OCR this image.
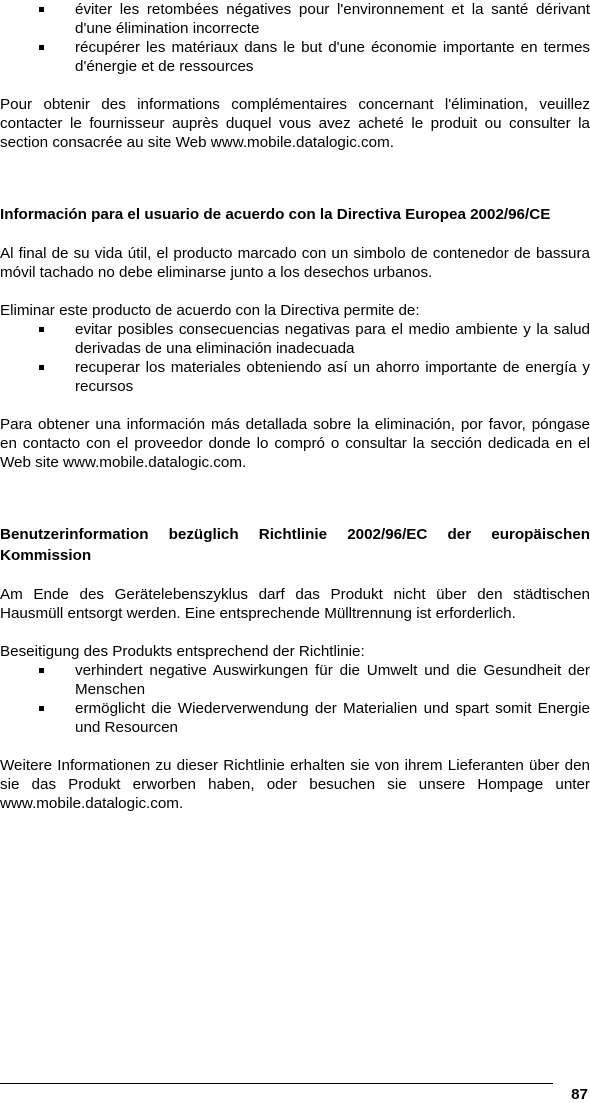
éviter les retombées négatives pour l'environnement et la santé dérivant d'une élimination incorrecte
récupérer les matériaux dans le but d'une économie importante en termes d'énergie et de ressources

Pour obtenir des informations complémentaires concernant l'élimination, veuillez contacter le fournisseur auprès duquel vous avez acheté le produit ou consulter la section consacrée au site Web www.mobile.datalogic.com.

Información para el usuario de acuerdo con la Directiva Europea 2002/96/CE

Al final de su vida útil, el producto marcado con un simbolo de contenedor de bassura móvil tachado no debe eliminarse junto a los desechos urbanos.

Eliminar este producto de acuerdo con la Directiva permite de:

evitar posibles consecuencias negativas para el medio ambiente y la salud derivadas de una eliminación inadecuada
recuperar los materiales obteniendo así un ahorro importante de energía y recursos

Para obtener una información más detallada sobre la eliminación, por favor, póngase en contacto con el proveedor donde lo compró o consultar la sección dedicada en el Web site www.mobile.datalogic.com.

Benutzerinformation bezüglich Richtlinie 2002/96/EC der europäischen Kommission

Am Ende des Gerätelebenszyklus darf das Produkt nicht über den städtischen Hausmüll entsorgt werden. Eine entsprechende Mülltrennung ist erforderlich.

Beseitigung des Produkts entsprechend der Richtlinie:

verhindert negative Auswirkungen für die Umwelt und die Gesundheit der Menschen
ermöglicht die Wiederverwendung der Materialien und spart somit Energie und Resourcen

Weitere Informationen zu dieser Richtlinie erhalten sie von ihrem Lieferanten über den sie das Produkt erworben haben, oder besuchen sie unsere Hompage unter www.mobile.datalogic.com.

87
